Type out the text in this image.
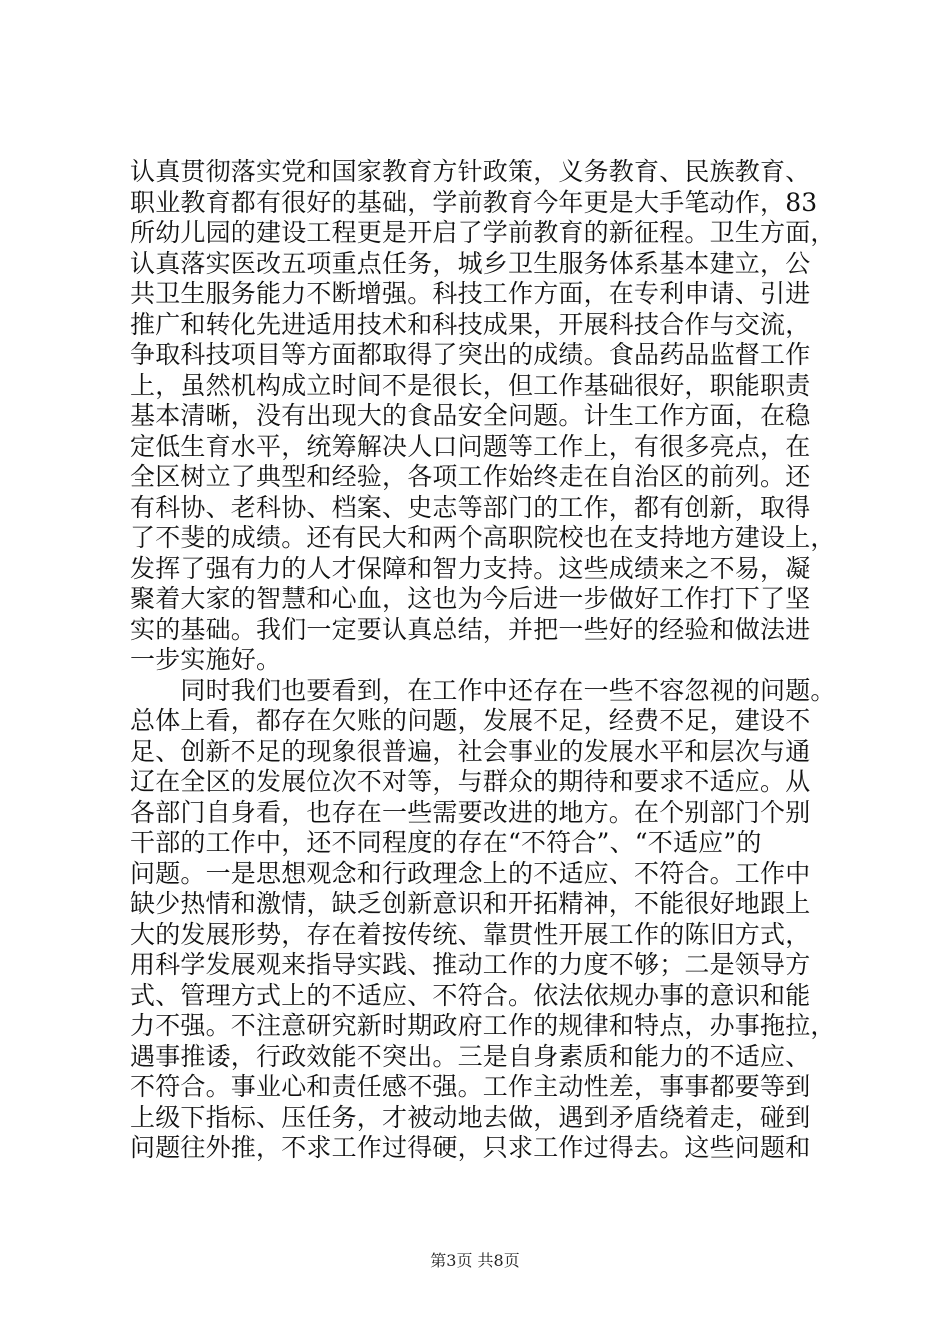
认真贯彻落实党和国家教育方针政策，义务教育、民族教育、
职业教育都有很好的基础，学前教育今年更是大手笔动作，83
所幼儿园的建设工程更是开启了学前教育的新征程。卫生方面，
认真落实医改五项重点任务，城乡卫生服务体系基本建立，公
共卫生服务能力不断增强。科技工作方面，在专利申请、引进
推广和转化先进适用技术和科技成果，开展科技合作与交流，
争取科技项目等方面都取得了突出的成绩。食品药品监督工作
上，虽然机构成立时间不是很长，但工作基础很好，职能职责
基本清晰，没有出现大的食品安全问题。计生工作方面，在稳
定低生育水平，统筹解决人口问题等工作上，有很多亮点，在
全区树立了典型和经验，各项工作始终走在自治区的前列。还
有科协、老科协、档案、史志等部门的工作，都有创新，取得
了不斐的成绩。还有民大和两个高职院校也在支持地方建设上，
发挥了强有力的人才保障和智力支持。这些成绩来之不易，凝
聚着大家的智慧和心血，这也为今后进一步做好工作打下了坚
实的基础。我们一定要认真总结，并把一些好的经验和做法进
一步实施好。
　　同时我们也要看到，在工作中还存在一些不容忽视的问题。
总体上看，都存在欠账的问题，发展不足，经费不足，建设不
足、创新不足的现象很普遍，社会事业的发展水平和层次与通
辽在全区的发展位次不对等，与群众的期待和要求不适应。从
各部门自身看，也存在一些需要改进的地方。在个别部门个别
干部的工作中，还不同程度的存在“不符合”、“不适应”的
问题。一是思想观念和行政理念上的不适应、不符合。工作中
缺少热情和激情，缺乏创新意识和开拓精神，不能很好地跟上
大的发展形势，存在着按传统、靠贯性开展工作的陈旧方式，
用科学发展观来指导实践、推动工作的力度不够；二是领导方
式、管理方式上的不适应、不符合。依法依规办事的意识和能
力不强。不注意研究新时期政府工作的规律和特点，办事拖拉，
遇事推诿，行政效能不突出。三是自身素质和能力的不适应、
不符合。事业心和责任感不强。工作主动性差，事事都要等到
上级下指标、压任务，才被动地去做，遇到矛盾绕着走，碰到
问题往外推，不求工作过得硬，只求工作过得去。这些问题和
第3页 共8页
